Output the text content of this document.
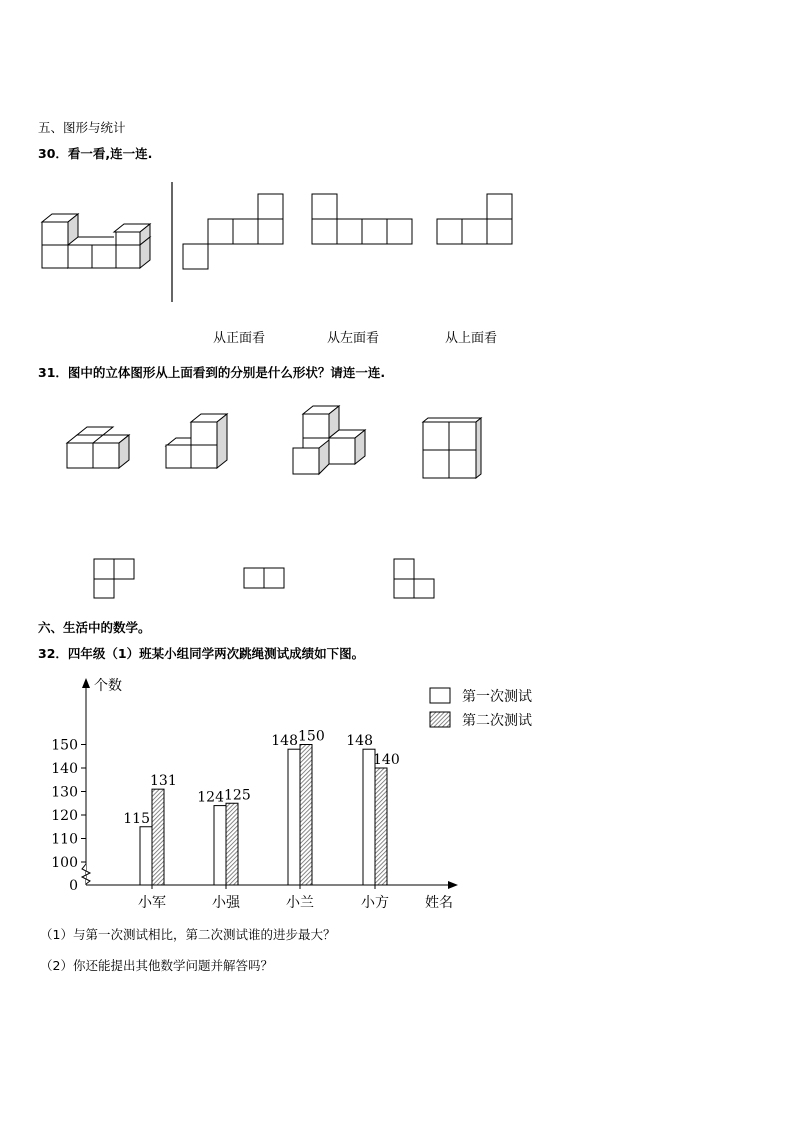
五、图形与统计
30．看一看,连一连.
从正面看	从左面看	从上面看
31．图中的立体图形从上面看到的分别是什么形状？请连一连.
六、生活中的数学。
32．四年级（1）班某小组同学两次跳绳测试成绩如下图。
0
100
110
120
130
140
150
个数
姓名
115
131
小军
124 125
小强
148 150
小兰
148
140
小方
第一次测试
第二次测试
（1）与第一次测试相比，第二次测试谁的进步最大？
（2）你还能提出其他数学问题并解答吗？
